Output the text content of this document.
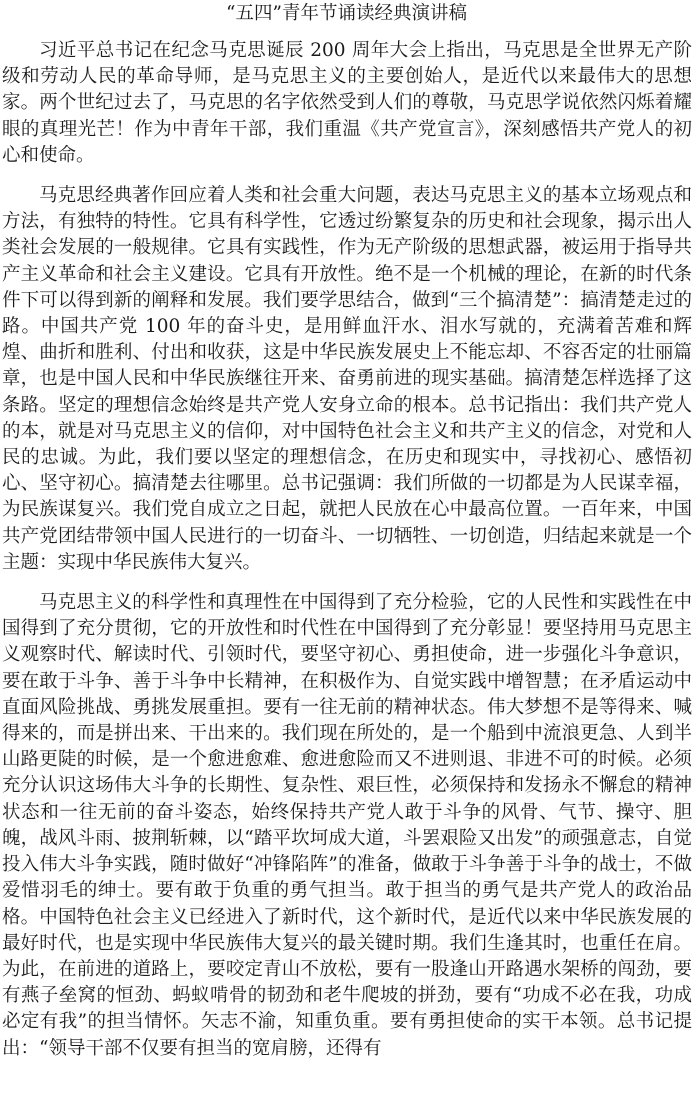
“五四”青年节诵读经典演讲稿

习近平总书记在纪念马克思诞辰 200 周年大会上指出，马克思是全世界无产阶级和劳动人民的革命导师，是马克思主义的主要创始人，是近代以来最伟大的思想家。两个世纪过去了，马克思的名字依然受到人们的尊敬，马克思学说依然闪烁着耀眼的真理光芒！作为中青年干部，我们重温《共产党宣言》，深刻感悟共产党人的初心和使命。

马克思经典著作回应着人类和社会重大问题，表达马克思主义的基本立场观点和方法，有独特的特性。它具有科学性，它透过纷繁复杂的历史和社会现象，揭示出人类社会发展的一般规律。它具有实践性，作为无产阶级的思想武器，被运用于指导共产主义革命和社会主义建设。它具有开放性。绝不是一个机械的理论，在新的时代条件下可以得到新的阐释和发展。我们要学思结合，做到“三个搞清楚”：搞清楚走过的路。中国共产党 100 年的奋斗史，是用鲜血汗水、泪水写就的，充满着苦难和辉煌、曲折和胜利、付出和收获，这是中华民族发展史上不能忘却、不容否定的壮丽篇章，也是中国人民和中华民族继往开来、奋勇前进的现实基础。搞清楚怎样选择了这条路。坚定的理想信念始终是共产党人安身立命的根本。总书记指出：我们共产党人的本，就是对马克思主义的信仰，对中国特色社会主义和共产主义的信念，对党和人民的忠诚。为此，我们要以坚定的理想信念，在历史和现实中，寻找初心、感悟初心、坚守初心。搞清楚去往哪里。总书记强调：我们所做的一切都是为人民谋幸福，为民族谋复兴。我们党自成立之日起，就把人民放在心中最高位置。一百年来，中国共产党团结带领中国人民进行的一切奋斗、一切牺牲、一切创造，归结起来就是一个主题：实现中华民族伟大复兴。

马克思主义的科学性和真理性在中国得到了充分检验，它的人民性和实践性在中国得到了充分贯彻，它的开放性和时代性在中国得到了充分彰显！要坚持用马克思主义观察时代、解读时代、引领时代，要坚守初心、勇担使命，进一步强化斗争意识，要在敢于斗争、善于斗争中长精神，在积极作为、自觉实践中增智慧；在矛盾运动中直面风险挑战、勇挑发展重担。要有一往无前的精神状态。伟大梦想不是等得来、喊得来的，而是拼出来、干出来的。我们现在所处的，是一个船到中流浪更急、人到半山路更陡的时候，是一个愈进愈难、愈进愈险而又不进则退、非进不可的时候。必须充分认识这场伟大斗争的长期性、复杂性、艰巨性，必须保持和发扬永不懈怠的精神状态和一往无前的奋斗姿态，始终保持共产党人敢于斗争的风骨、气节、操守、胆魄，战风斗雨、披荆斩棘，以“踏平坎坷成大道，斗罢艰险又出发”的顽强意志，自觉投入伟大斗争实践，随时做好“冲锋陷阵”的准备，做敢于斗争善于斗争的战士，不做爱惜羽毛的绅士。要有敢于负重的勇气担当。敢于担当的勇气是共产党人的政治品格。中国特色社会主义已经进入了新时代，这个新时代，是近代以来中华民族发展的最好时代，也是实现中华民族伟大复兴的最关键时期。我们生逢其时，也重任在肩。为此，在前进的道路上，要咬定青山不放松，要有一股逢山开路遇水架桥的闯劲，要有燕子垒窝的恒劲、蚂蚁啃骨的韧劲和老牛爬坡的拼劲，要有“功成不必在我，功成必定有我”的担当情怀。矢志不渝，知重负重。要有勇担使命的实干本领。总书记提出：“领导干部不仅要有担当的宽肩膀，还得有
